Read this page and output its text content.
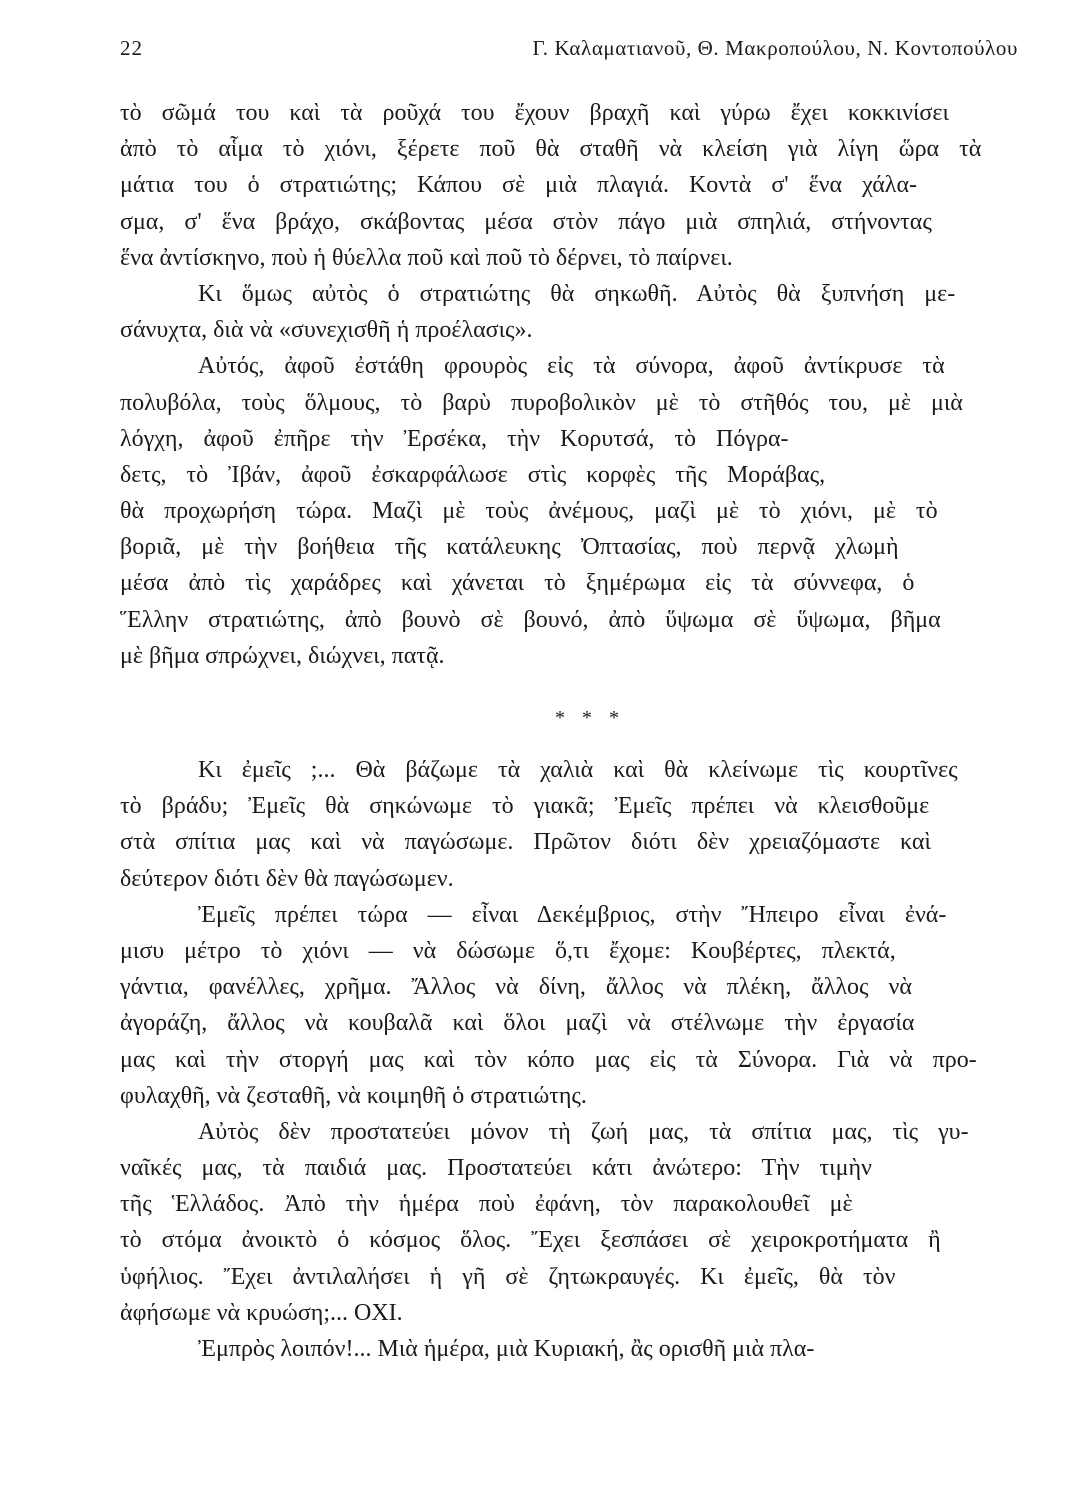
22	Γ. Καλαματιανοῦ, Θ. Μακροπούλου, Ν. Κοντοπούλου
τὸ σῶμά του καὶ τὰ ροῦχά του ἔχουν βραχῆ καὶ γύρω ἔχει κοκκινίσει
ἀπὸ τὸ αἷμα τὸ χιόνι, ξέρετε ποῦ θὰ σταθῆ νὰ κλείση γιὰ λίγη ὥρα τὰ
μάτια του ὁ στρατιώτης; Κάπου σὲ μιὰ πλαγιά. Κοντὰ σ' ἕνα χάλα-
σμα, σ' ἕνα βράχο, σκάβοντας μέσα στὸν πάγο μιὰ σπηλιά, στήνοντας
ἕνα ἀντίσκηνο, ποὺ ἡ θύελλα ποῦ καὶ ποῦ τὸ δέρνει, τὸ παίρνει.
Κι ὅμως αὐτὸς ὁ στρατιώτης θὰ σηκωθῆ. Αὐτὸς θὰ ξυπνήση με-
σάνυχτα, διὰ νὰ «συνεχισθῆ ἡ προέλασις».
Αὐτός, ἀφοῦ ἐστάθη φρουρὸς εἰς τὰ σύνορα, ἀφοῦ ἀντίκρυσε τὰ
πολυβόλα, τοὺς ὅλμους, τὸ βαρὺ πυροβολικὸν μὲ τὸ στῆθός του, μὲ μιὰ
λόγχη, ἀφοῦ ἐπῆρε τὴν Ἐρσέκα, τὴν Κορυτσά, τὸ Πόγρα-
δετς, τὸ Ἰβάν, ἀφοῦ ἐσκαρφάλωσε στὶς κορφὲς τῆς Μοράβας,
θὰ προχωρήση τώρα. Μαζὶ μὲ τοὺς ἀνέμους, μαζὶ μὲ τὸ χιόνι, μὲ τὸ
βοριᾶ, μὲ τὴν βοήθεια τῆς κατάλευκης Ὀπτασίας, ποὺ περνᾷ χλωμὴ
μέσα ἀπὸ τὶς χαράδρες καὶ χάνεται τὸ ξημέρωμα εἰς τὰ σύννεφα, ὁ
Ἕλλην στρατιώτης, ἀπὸ βουνὸ σὲ βουνό, ἀπὸ ὕψωμα σὲ ὕψωμα, βῆμα
μὲ βῆμα σπρώχνει, διώχνει, πατᾷ.
* * *
Κι ἐμεῖς ;... Θὰ βάζωμε τὰ χαλιὰ καὶ θὰ κλείνωμε τὶς κουρτῖνες
τὸ βράδυ; Ἐμεῖς θὰ σηκώνωμε τὸ γιακᾶ; Ἐμεῖς πρέπει νὰ κλεισθοῦμε
στὰ σπίτια μας καὶ νὰ παγώσωμε. Πρῶτον διότι δὲν χρειαζόμαστε καὶ
δεύτερον διότι δὲν θὰ παγώσωμεν.
Ἐμεῖς πρέπει τώρα — εἶναι Δεκέμβριος, στὴν Ἤπειρο εἶναι ἐνά-
μισυ μέτρο τὸ χιόνι — νὰ δώσωμε ὅ,τι ἔχομε: Κουβέρτες, πλεκτά,
γάντια, φανέλλες, χρῆμα. Ἄλλος νὰ δίνη, ἄλλος νὰ πλέκη, ἄλλος νὰ
ἀγοράζη, ἄλλος νὰ κουβαλᾶ καὶ ὅλοι μαζὶ νὰ στέλνωμε τὴν ἐργασία
μας καὶ τὴν στοργή μας καὶ τὸν κόπο μας εἰς τὰ Σύνορα. Γιὰ νὰ προ-
φυλαχθῆ, νὰ ζεσταθῆ, νὰ κοιμηθῆ ὁ στρατιώτης.
Αὐτὸς δὲν προστατεύει μόνον τὴ ζωή μας, τὰ σπίτια μας, τὶς γυ-
ναῖκές μας, τὰ παιδιά μας. Προστατεύει κάτι ἀνώτερο: Τὴν τιμὴν
τῆς Ἑλλάδος. Ἀπὸ τὴν ἡμέρα ποὺ ἐφάνη, τὸν παρακολουθεῖ μὲ
τὸ στόμα ἀνοικτὸ ὁ κόσμος ὅλος. Ἔχει ξεσπάσει σὲ χειροκροτήματα ἢ
ὑφήλιος. Ἔχει ἀντιλαλήσει ἡ γῆ σὲ ζητωκραυγές. Κι ἐμεῖς, θὰ τὸν
ἀφήσωμε νὰ κρυώση;... ΟΧΙ.
Ἐμπρὸς λοιπόν!... Μιὰ ἡμέρα, μιὰ Κυριακή, ἂς ορισθῆ μιὰ πλα-
